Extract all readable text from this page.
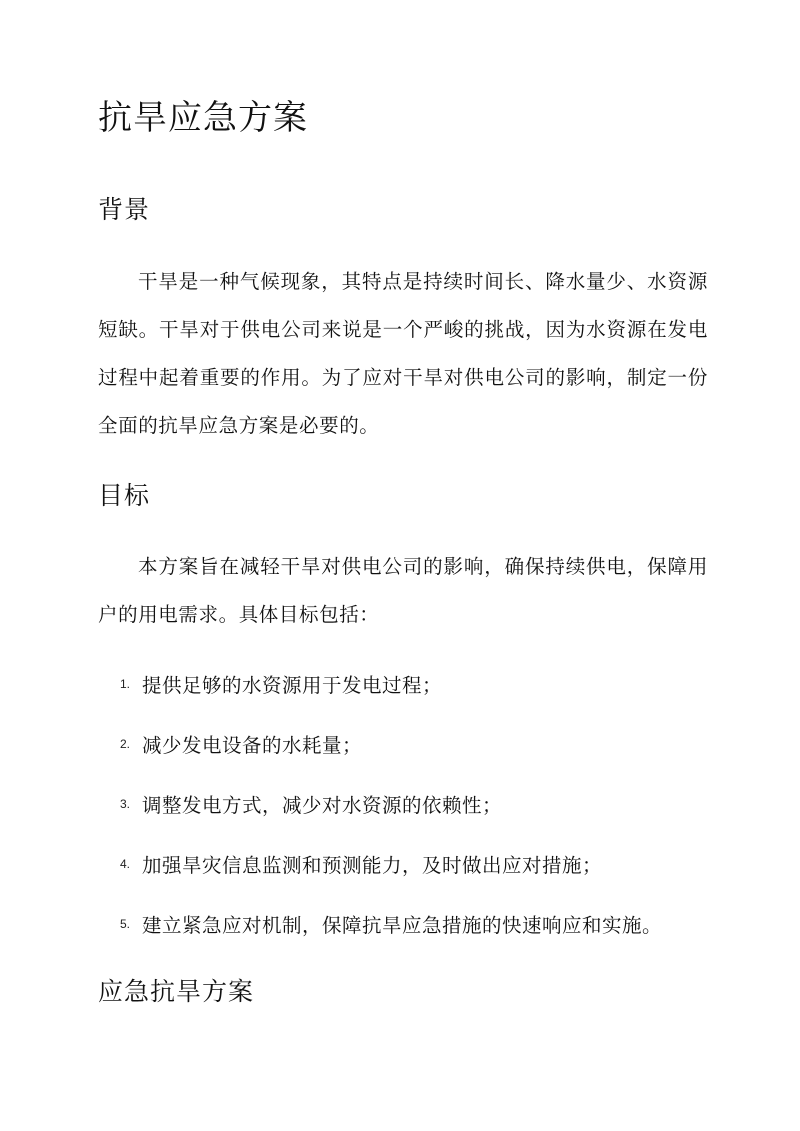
抗旱应急方案
背景

干旱是一种气候现象，其特点是持续时间长、降水量少、水资源短缺。干旱对于供电公司来说是一个严峻的挑战，因为水资源在发电过程中起着重要的作用。为了应对干旱对供电公司的影响，制定一份全面的抗旱应急方案是必要的。

目标

本方案旨在减轻干旱对供电公司的影响，确保持续供电，保障用户的用电需求。具体目标包括：

1. 提供足够的水资源用于发电过程；
2. 减少发电设备的水耗量；
3. 调整发电方式，减少对水资源的依赖性；
4. 加强旱灾信息监测和预测能力，及时做出应对措施；
5. 建立紧急应对机制，保障抗旱应急措施的快速响应和实施。
应急抗旱方案
